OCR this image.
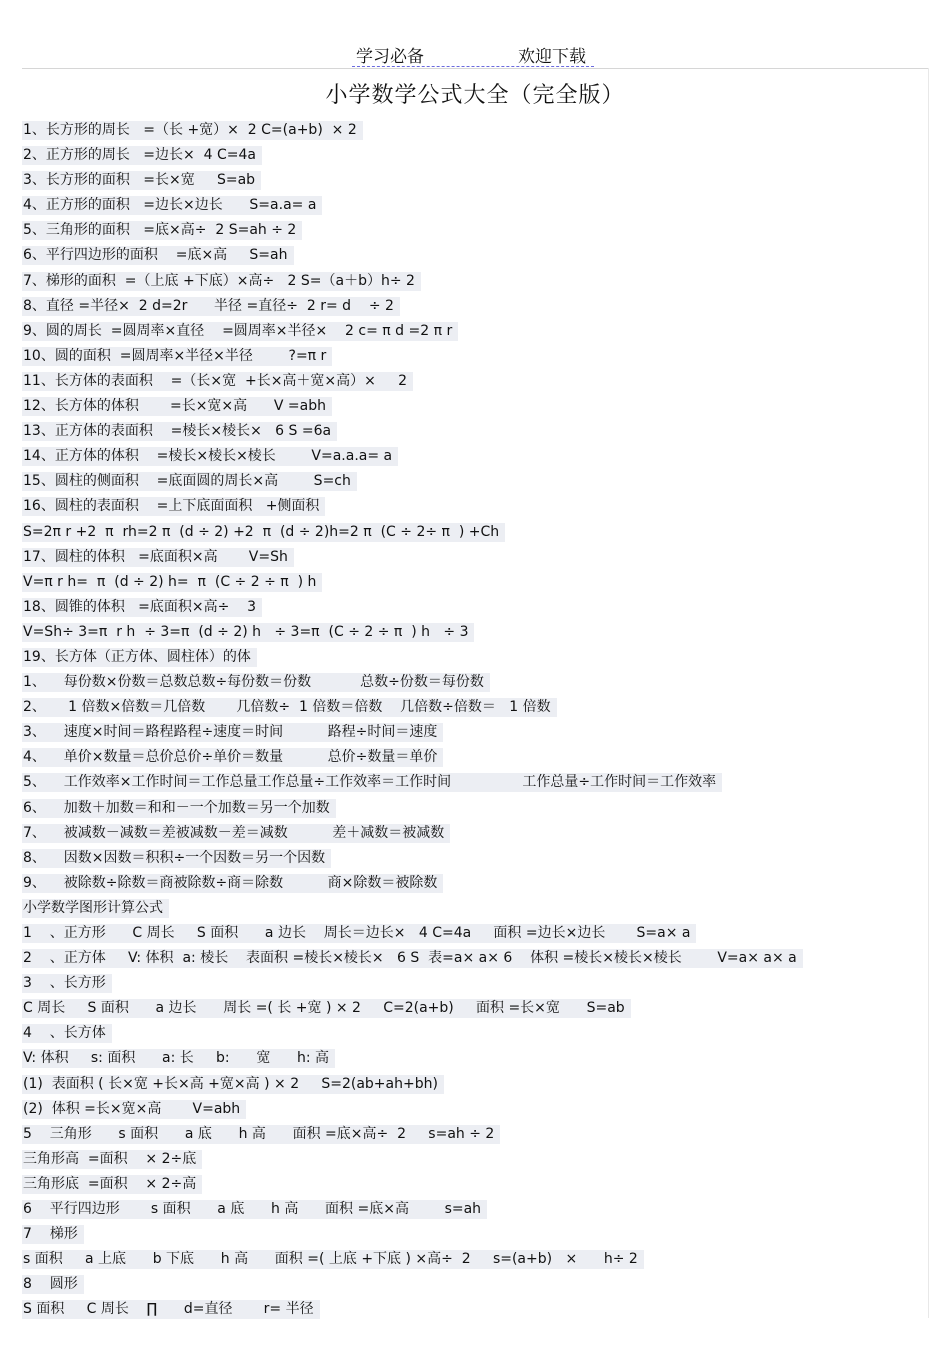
学习必备	欢迎下载
小学数学公式大全（完全版）
1、长方形的周长   =（长 +宽）×  2 C=(a+b)  × 2
2、正方形的周长   =边长×  4 C=4a
3、长方形的面积   =长×宽     S=ab
4、正方形的面积   =边长×边长      S=a.a= a
5、三角形的面积   =底×高÷  2 S=ah ÷ 2
6、平行四边形的面积    =底×高     S=ah
7、梯形的面积  =（上底 +下底）×高÷   2 S=（a＋b）h÷ 2
8、直径 =半径×  2 d=2r      半径 =直径÷  2 r= d    ÷ 2
9、圆的周长  =圆周率×直径    =圆周率×半径×    2 c= π d =2 π r
10、圆的面积  =圆周率×半径×半径        ?=π r
11、长方体的表面积    =（长×宽  +长×高＋宽×高）×     2
12、长方体的体积       =长×宽×高      V =abh
13、正方体的表面积    =棱长×棱长×   6 S =6a
14、正方体的体积    =棱长×棱长×棱长        V=a.a.a= a
15、圆柱的侧面积    =底面圆的周长×高        S=ch
16、圆柱的表面积    =上下底面面积   +侧面积
S=2π r +2  π  rh=2 π  (d ÷ 2) +2  π  (d ÷ 2)h=2 π  (C ÷ 2÷ π  ) +Ch
17、圆柱的体积   =底面积×高       V=Sh
V=π r h=  π  (d ÷ 2) h=  π  (C ÷ 2 ÷ π  ) h
18、圆锥的体积   =底面积×高÷    3
V=Sh÷ 3=π  r h  ÷ 3=π  (d ÷ 2) h   ÷ 3=π  (C ÷ 2 ÷ π  ) h   ÷ 3
19、长方体（正方体、圆柱体）的体
1、    每份数×份数＝总数总数÷每份数＝份数           总数÷份数＝每份数
2、     1 倍数×倍数＝几倍数       几倍数÷  1 倍数＝倍数    几倍数÷倍数＝   1 倍数
3、    速度×时间＝路程路程÷速度＝时间          路程÷时间＝速度
4、    单价×数量＝总价总价÷单价＝数量          总价÷数量＝单价
5、    工作效率×工作时间＝工作总量工作总量÷工作效率＝工作时间                工作总量÷工作时间＝工作效率
6、    加数＋加数＝和和－一个加数＝另一个加数
7、    被减数－减数＝差被减数－差＝减数          差＋减数＝被减数
8、    因数×因数＝积积÷一个因数＝另一个因数
9、    被除数÷除数＝商被除数÷商＝除数          商×除数＝被除数
小学数学图形计算公式
1    、正方形      C 周长     S 面积      a 边长    周长＝边长×   4 C=4a     面积 =边长×边长       S=a× a
2    、正方体     V: 体积  a: 棱长    表面积 =棱长×棱长×   6 S  表=a× a× 6    体积 =棱长×棱长×棱长        V=a× a× a
3    、长方形
C 周长     S 面积      a 边长      周长 =( 长 +宽 ) × 2     C=2(a+b)     面积 =长×宽      S=ab
4    、长方体
V: 体积     s: 面积      a: 长     b:      宽      h: 高
(1)  表面积 ( 长×宽 +长×高 +宽×高 ) × 2     S=2(ab+ah+bh)
(2)  体积 =长×宽×高       V=abh
5    三角形      s 面积      a 底      h 高      面积 =底×高÷  2     s=ah ÷ 2
三角形高  =面积    × 2÷底
三角形底  =面积    × 2÷高
6    平行四边形       s 面积      a 底      h 高      面积 =底×高        s=ah
7    梯形
s 面积     a 上底      b 下底      h 高      面积 =( 上底 +下底 ) ×高÷  2     s=(a+b)   ×      h÷ 2
8    圆形
S 面积     C 周长    ∏      d=直径       r= 半径
